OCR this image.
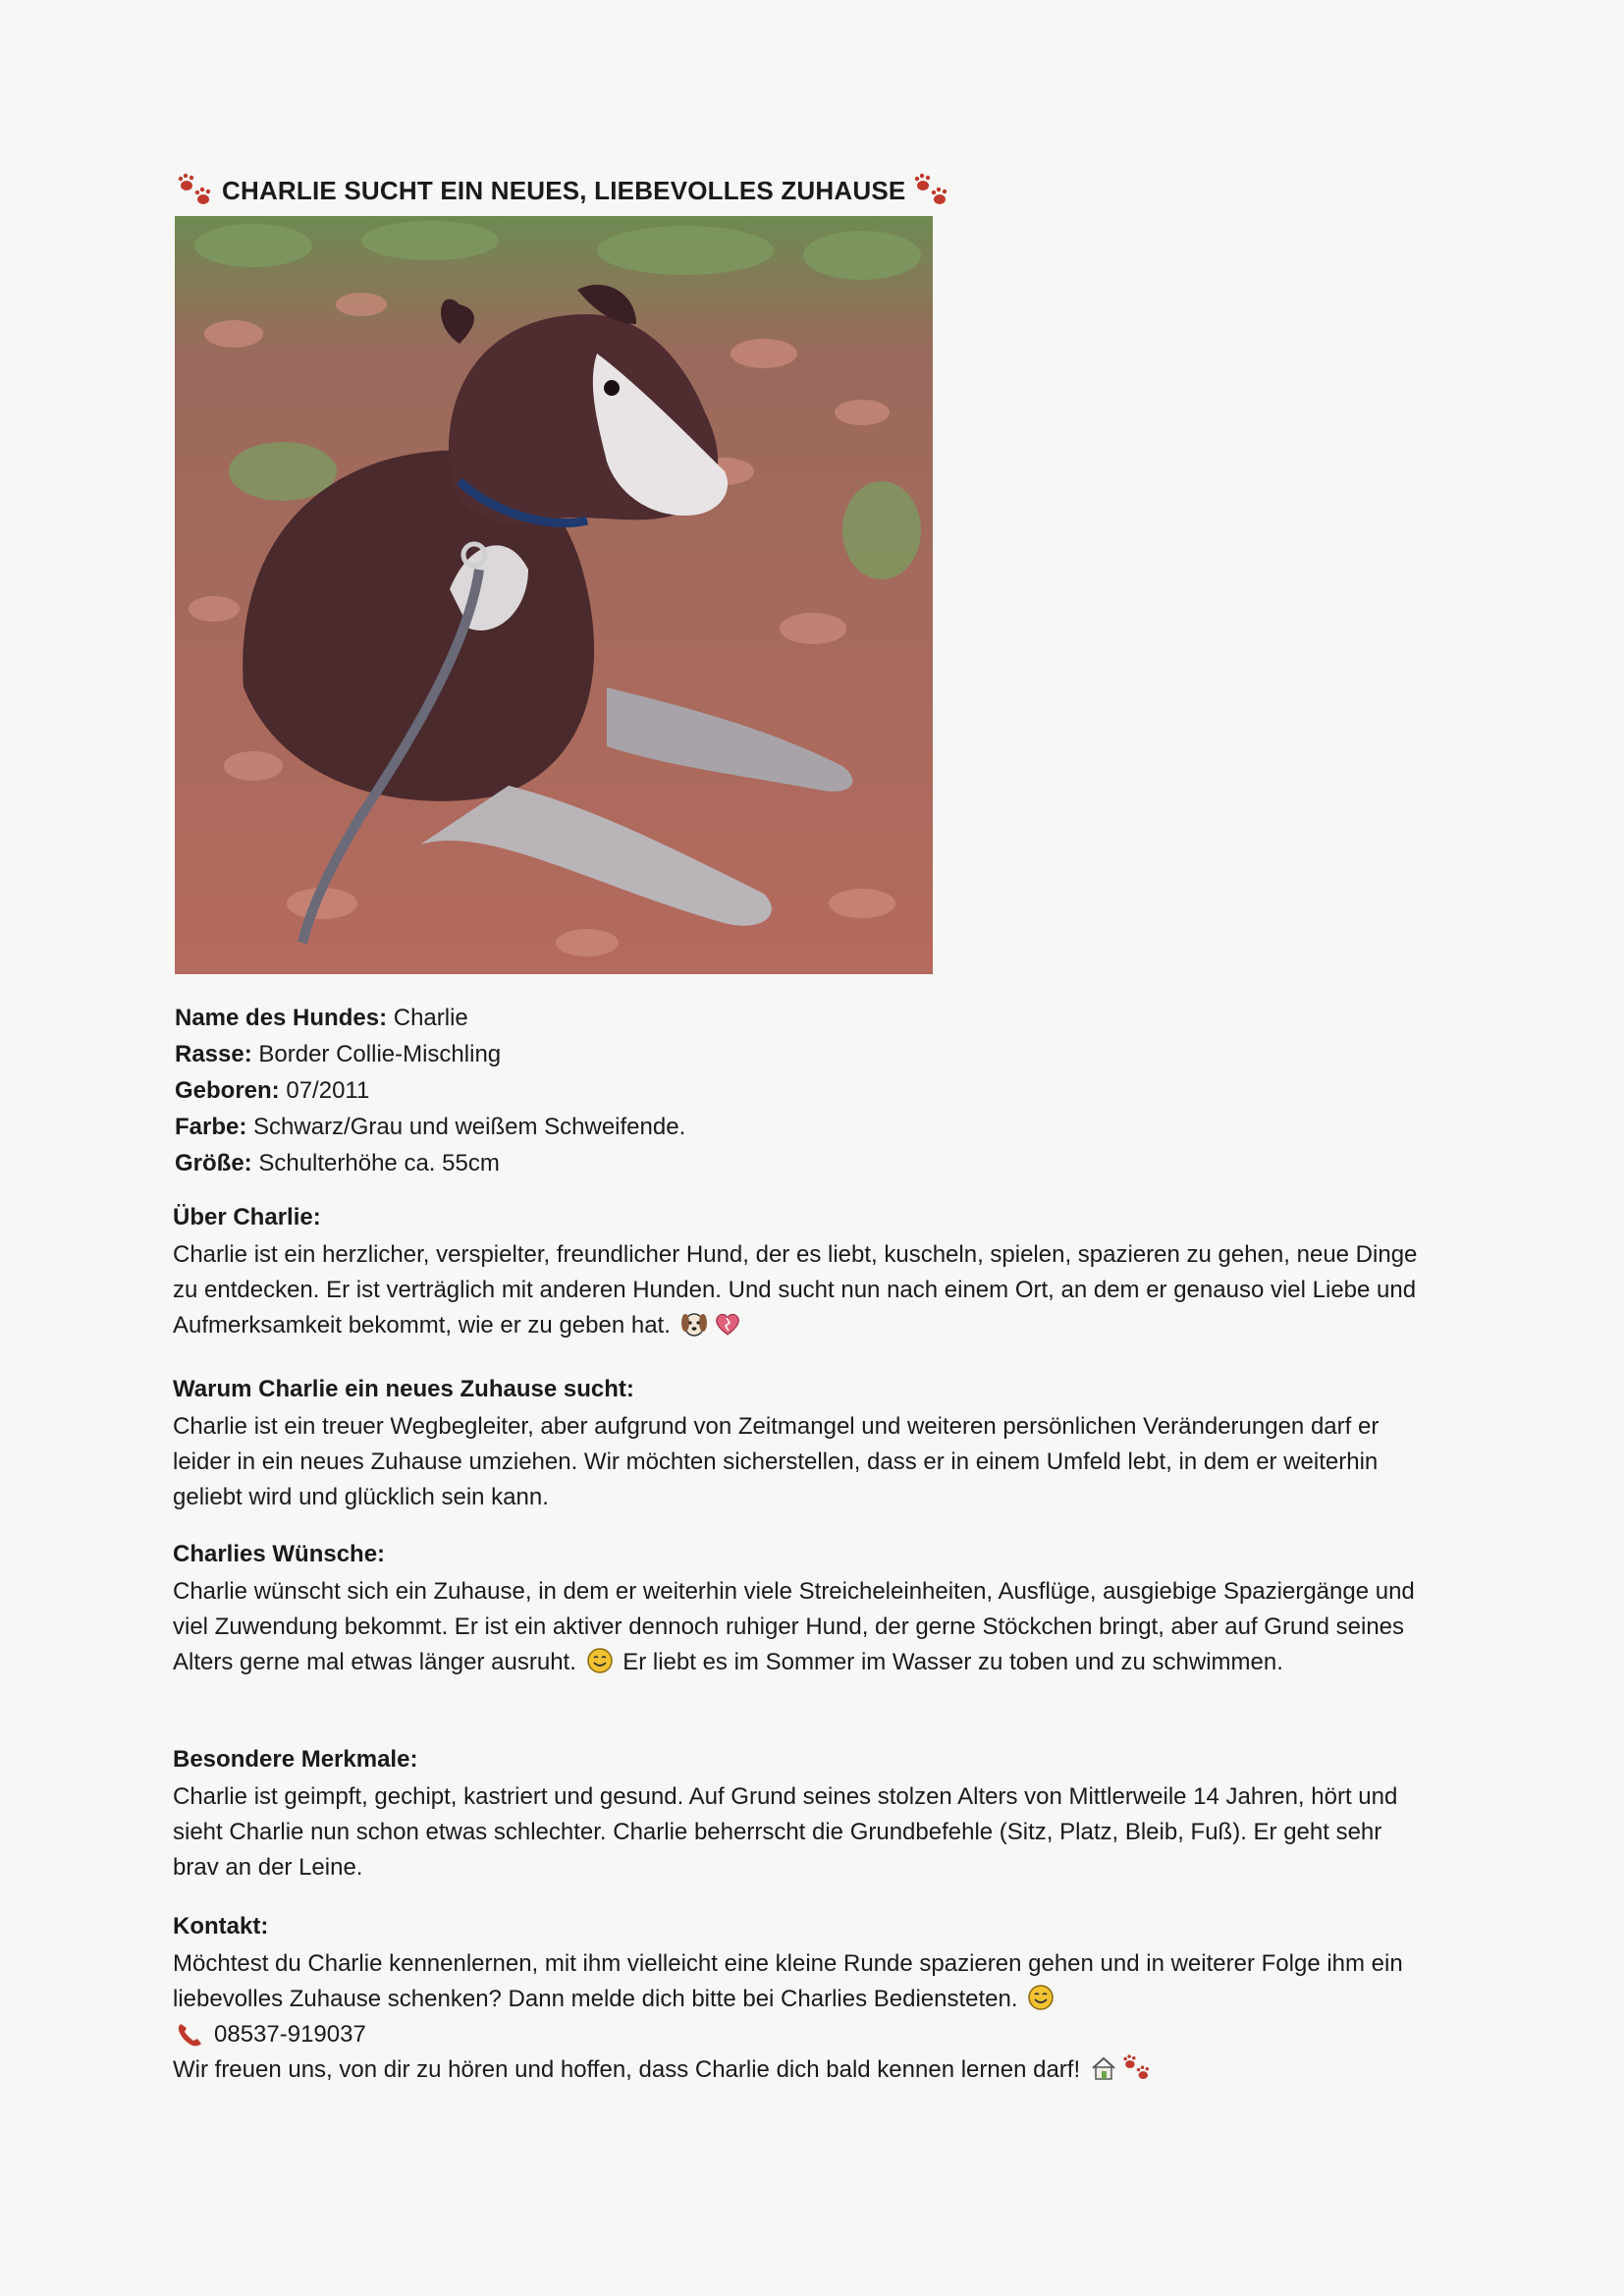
CHARLIE SUCHT EIN NEUES, LIEBEVOLLES ZUHAUSE
Name des Hundes: Charlie
Rasse: Border Collie-Mischling
Geboren: 07/2011
Farbe: Schwarz/Grau und weißem Schweifende.
Größe: Schulterhöhe ca. 55cm
Über Charlie:

Charlie ist ein herzlicher, verspielter, freundlicher Hund, der es liebt, kuscheln, spielen, spazieren zu gehen, neue Dinge zu entdecken. Er ist verträglich mit anderen Hunden. Und sucht nun nach einem Ort, an dem er genauso viel Liebe und Aufmerksamkeit bekommt, wie er zu geben hat.

Warum Charlie ein neues Zuhause sucht:

Charlie ist ein treuer Wegbegleiter, aber aufgrund von Zeitmangel und weiteren persönlichen Veränderungen darf er leider in ein neues Zuhause umziehen. Wir möchten sicherstellen, dass er in einem Umfeld lebt, in dem er weiterhin geliebt wird und glücklich sein kann.

Charlies Wünsche:

Charlie wünscht sich ein Zuhause, in dem er weiterhin viele Streicheleinheiten, Ausflüge, ausgiebige Spaziergänge und viel Zuwendung bekommt. Er ist ein aktiver dennoch ruhiger Hund, der gerne Stöckchen bringt, aber auf Grund seines Alters gerne mal etwas länger ausruht. Er liebt es im Sommer im Wasser zu toben und zu schwimmen.

Besondere Merkmale:

Charlie ist geimpft, gechipt, kastriert und gesund. Auf Grund seines stolzen Alters von Mittlerweile 14 Jahren, hört und sieht Charlie nun schon etwas schlechter. Charlie beherrscht die Grundbefehle (Sitz, Platz, Bleib, Fuß). Er geht sehr brav an der Leine.

Kontakt:

Möchtest du Charlie kennenlernen, mit ihm vielleicht eine kleine Runde spazieren gehen und in weiterer Folge ihm ein liebevolles Zuhause schenken? Dann melde dich bitte bei Charlies Bediensteten.

08537-919037

Wir freuen uns, von dir zu hören und hoffen, dass Charlie dich bald kennen lernen darf!
